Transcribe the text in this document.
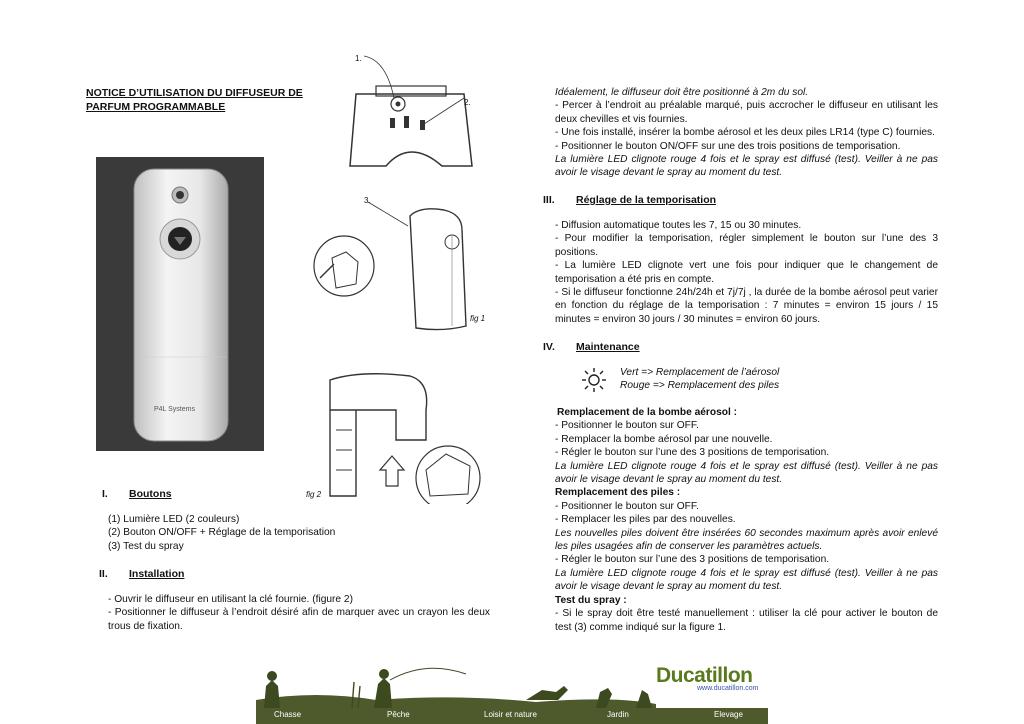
NOTICE D’UTILISATION DU DIFFUSEUR DE
PARFUM PROGRAMMABLE
P4L Systems
1.
2.
3.
fig 1
fig 2
I. Boutons

(1) Lumière LED (2 couleurs)

(2) Bouton ON/OFF + Réglage de la temporisation

(3) Test du spray

II. Installation

- Ouvrir le diffuseur en utilisant la clé fournie. (figure 2)

- Positionner le diffuseur à l’endroit désiré afin de marquer avec un crayon les deux trous de fixation.

Idéalement, le diffuseur doit être positionné à 2m du sol.

- Percer à l’endroit au préalable marqué, puis accrocher le diffuseur en utilisant les deux chevilles et vis fournies.

- Une fois installé, insérer la bombe aérosol et les deux piles LR14 (type C) fournies.

- Positionner le bouton ON/OFF sur une des trois positions de temporisation.

La lumière LED clignote rouge 4 fois et le spray est diffusé (test). Veiller à ne pas avoir le visage devant le spray au moment du test.

III. Réglage de la temporisation

- Diffusion automatique toutes les 7, 15 ou 30 minutes.

- Pour modifier la temporisation, régler simplement le bouton sur l’une des 3 positions.

- La lumière LED clignote vert une fois pour indiquer que le changement de temporisation a été pris en compte.

- Si le diffuseur fonctionne 24h/24h et 7j/7j , la durée de la bombe aérosol peut varier en fonction du réglage de la temporisation : 7 minutes = environ 15 jours / 15 minutes = environ 30 jours / 30 minutes = environ 60 jours.

IV. Maintenance

Vert => Remplacement de l’aérosol

Rouge => Remplacement des piles

Remplacement de la bombe aérosol :

- Positionner le bouton sur OFF.

- Remplacer la bombe aérosol par une nouvelle.

- Régler le bouton sur l’une des 3 positions de temporisation.

La lumière LED clignote rouge 4 fois et le spray est diffusé (test). Veiller à ne pas avoir le visage devant le spray au moment du test.

Remplacement des piles :

- Positionner le bouton sur OFF.

- Remplacer les piles par des nouvelles.

Les nouvelles piles doivent être insérées 60 secondes maximum après avoir enlevé les piles usagées afin de conserver les paramètres actuels.

- Régler le bouton sur l’une des 3 positions de temporisation.

La lumière LED clignote rouge 4 fois et le spray est diffusé (test). Veiller à ne pas avoir le visage devant le spray au moment du test.

Test du spray :

- Si le spray doit être testé manuellement : utiliser la clé pour activer le bouton de test (3) comme indiqué sur la figure 1.

Ducatillon
www.ducatillon.com
Chasse	Pêche	Loisir et nature	Jardin	Elevage
